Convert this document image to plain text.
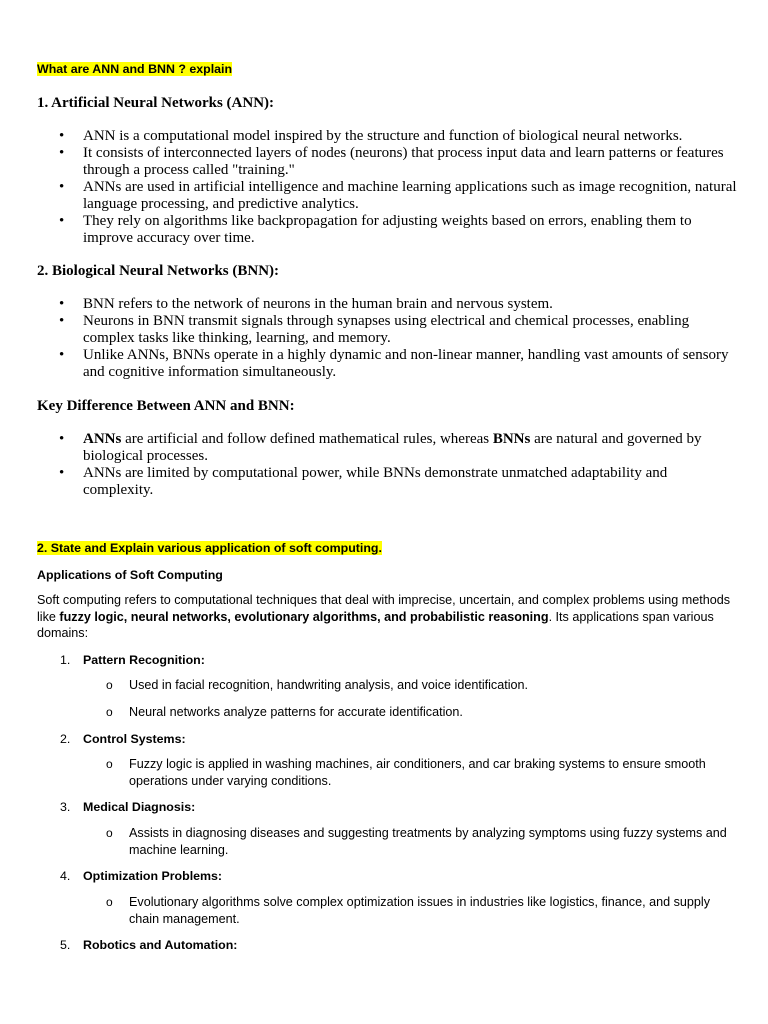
What are ANN and BNN ? explain
1. Artificial Neural Networks (ANN):
• ANN is a computational model inspired by the structure and function of biological neural networks.
• It consists of interconnected layers of nodes (neurons) that process input data and learn patterns or features through a process called "training."
• ANNs are used in artificial intelligence and machine learning applications such as image recognition, natural language processing, and predictive analytics.
• They rely on algorithms like backpropagation for adjusting weights based on errors, enabling them to improve accuracy over time.
2. Biological Neural Networks (BNN):
• BNN refers to the network of neurons in the human brain and nervous system.
• Neurons in BNN transmit signals through synapses using electrical and chemical processes, enabling complex tasks like thinking, learning, and memory.
• Unlike ANNs, BNNs operate in a highly dynamic and non-linear manner, handling vast amounts of sensory and cognitive information simultaneously.
Key Difference Between ANN and BNN:
• ANNs are artificial and follow defined mathematical rules, whereas BNNs are natural and governed by biological processes.
• ANNs are limited by computational power, while BNNs demonstrate unmatched adaptability and complexity.
2. State and Explain various application of soft computing.
Applications of Soft Computing
Soft computing refers to computational techniques that deal with imprecise, uncertain, and complex problems using methods like fuzzy logic, neural networks, evolutionary algorithms, and probabilistic reasoning. Its applications span various domains:
1. Pattern Recognition:
o Used in facial recognition, handwriting analysis, and voice identification.
o Neural networks analyze patterns for accurate identification.
2. Control Systems:
o Fuzzy logic is applied in washing machines, air conditioners, and car braking systems to ensure smooth operations under varying conditions.
3. Medical Diagnosis:
o Assists in diagnosing diseases and suggesting treatments by analyzing symptoms using fuzzy systems and machine learning.
4. Optimization Problems:
o Evolutionary algorithms solve complex optimization issues in industries like logistics, finance, and supply chain management.
5. Robotics and Automation:
